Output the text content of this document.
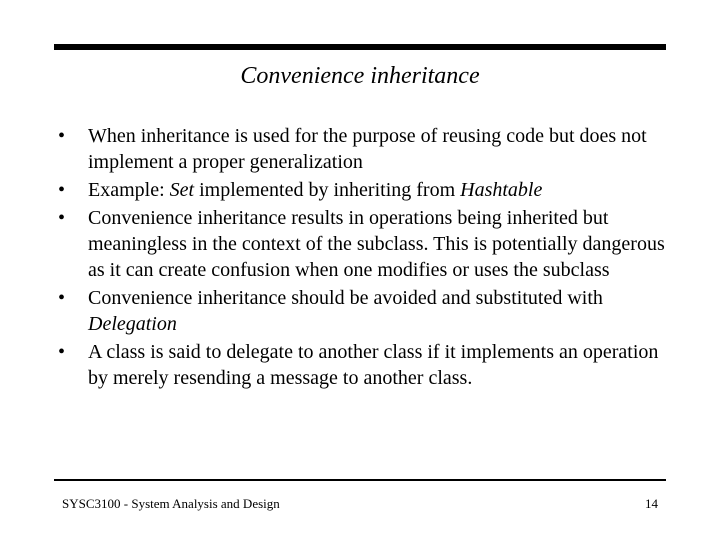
Convenience inheritance
•	When inheritance is used for the purpose of reusing code but does not implement a proper generalization
•	Example: Set implemented by inheriting from Hashtable
•	Convenience inheritance results in operations being inherited but meaningless in the context of the subclass. This is potentially dangerous as it can create confusion when one modifies or uses the subclass
•	Convenience inheritance should be avoided and substituted with Delegation
•	A class is said to delegate to another class if it implements an operation by merely resending a message to another class.
SYSC3100 - System Analysis and Design	14
